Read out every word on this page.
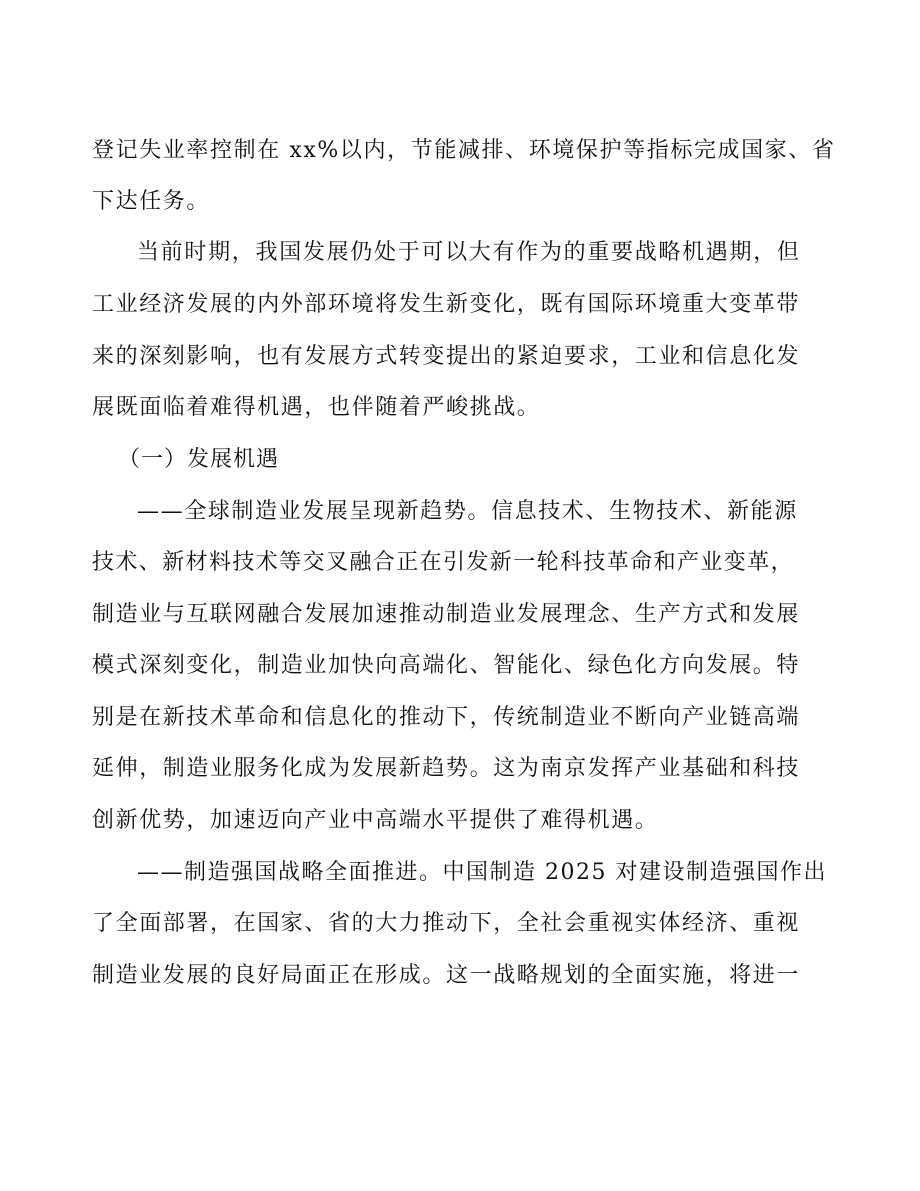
登记失业率控制在 xx%以内，节能减排、环境保护等指标完成国家、省

下达任务。

当前时期，我国发展仍处于可以大有作为的重要战略机遇期，但

工业经济发展的内外部环境将发生新变化，既有国际环境重大变革带

来的深刻影响，也有发展方式转变提出的紧迫要求，工业和信息化发

展既面临着难得机遇，也伴随着严峻挑战。

（一）发展机遇

——全球制造业发展呈现新趋势。信息技术、生物技术、新能源

技术、新材料技术等交叉融合正在引发新一轮科技革命和产业变革，

制造业与互联网融合发展加速推动制造业发展理念、生产方式和发展

模式深刻变化，制造业加快向高端化、智能化、绿色化方向发展。特

别是在新技术革命和信息化的推动下，传统制造业不断向产业链高端

延伸，制造业服务化成为发展新趋势。这为南京发挥产业基础和科技

创新优势，加速迈向产业中高端水平提供了难得机遇。

——制造强国战略全面推进。中国制造 2025 对建设制造强国作出

了全面部署，在国家、省的大力推动下，全社会重视实体经济、重视

制造业发展的良好局面正在形成。这一战略规划的全面实施，将进一
